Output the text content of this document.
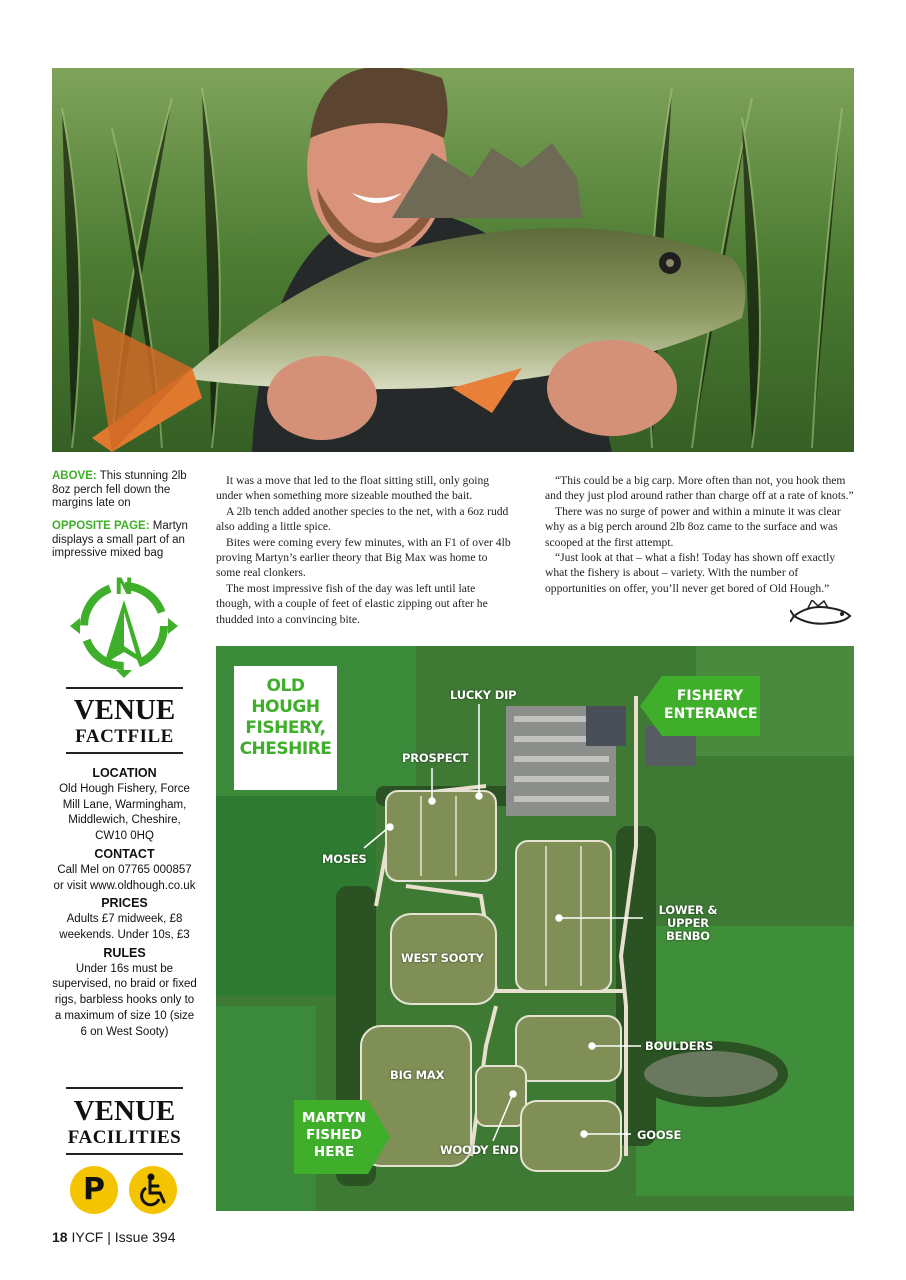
ABOVE: This stunning 2lb 8oz perch fell down the margins late on
OPPOSITE PAGE: Martyn displays a small part of an impressive mixed bag

It was a move that led to the float sitting still, only going under when something more sizeable mouthed the bait.

A 2lb tench added another species to the net, with a 6oz rudd also adding a little spice.

Bites were coming every few minutes, with an F1 of over 4lb proving Martyn’s earlier theory that Big Max was home to some real clonkers.

The most impressive fish of the day was left until late though, with a couple of feet of elastic zipping out after he thudded into a convincing bite.

“This could be a big carp. More often than not, you hook them and they just plod around rather than charge off at a rate of knots.”

There was no surge of power and within a minute it was clear why as a big perch around 2lb 8oz came to the surface and was scooped at the first attempt.

“Just look at that – what a fish! Today has shown off exactly what the fishery is about – variety. With the number of opportunities on offer, you’ll never get bored of Old Hough.”

OLD HOUGH FISHERY, CHESHIRE
FISHERY ENTERANCE
MARTYN FISHED HERE
LUCKY DIP
PROSPECT
MOSES
WEST SOOTY
LOWER & UPPER BENBO
BOULDERS
BIG MAX
WOODY END
GOOSE
N
VENUE
FACTFILE
LOCATION
Old Hough Fishery, Force Mill Lane, Warmingham, Middlewich, Cheshire, CW10 0HQ
CONTACT
Call Mel on 07765 000857 or visit www.oldhough.co.uk
PRICES
Adults £7 midweek, £8 weekends. Under 10s, £3
RULES
Under 16s must be supervised, no braid or fixed rigs, barbless hooks only to a maximum of size 10 (size 6 on West Sooty)
VENUE
FACILITIES
P
18 IYCF | Issue 394
